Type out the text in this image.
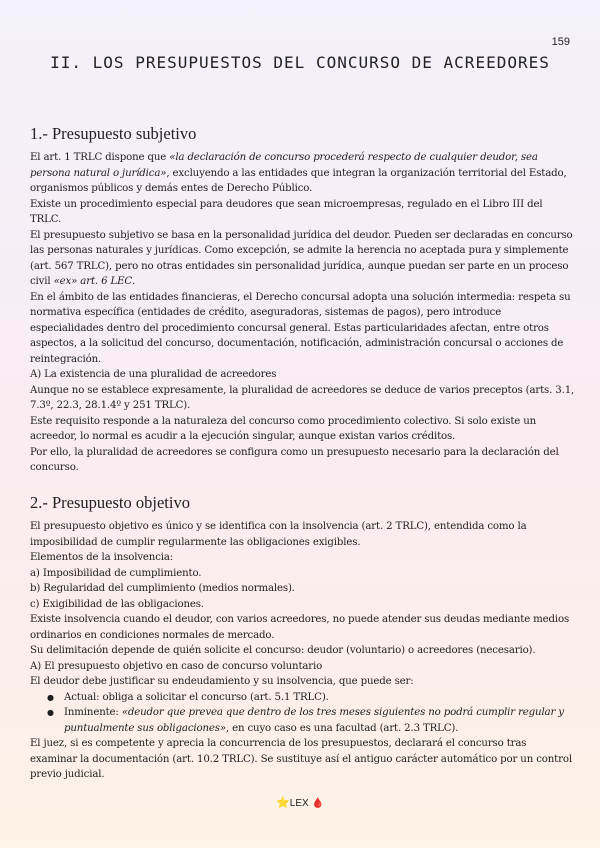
159
II. LOS PRESUPUESTOS DEL CONCURSO DE ACREEDORES
1.- Presupuesto subjetivo

El art. 1 TRLC dispone que «la declaración de concurso procederá respecto de cualquier deudor, sea persona natural o jurídica», excluyendo a las entidades que integran la organización territorial del Estado, organismos públicos y demás entes de Derecho Público.

Existe un procedimiento especial para deudores que sean microempresas, regulado en el Libro III del TRLC.

El presupuesto subjetivo se basa en la personalidad jurídica del deudor. Pueden ser declaradas en concurso las personas naturales y jurídicas. Como excepción, se admite la herencia no aceptada pura y simplemente (art. 567 TRLC), pero no otras entidades sin personalidad jurídica, aunque puedan ser parte en un proceso civil «ex» art. 6 LEC.

En el ámbito de las entidades financieras, el Derecho concursal adopta una solución intermedia: respeta su normativa específica (entidades de crédito, aseguradoras, sistemas de pagos), pero introduce especialidades dentro del procedimiento concursal general. Estas particularidades afectan, entre otros aspectos, a la solicitud del concurso, documentación, notificación, administración concursal o acciones de reintegración.

A) La existencia de una pluralidad de acreedores

Aunque no se establece expresamente, la pluralidad de acreedores se deduce de varios preceptos (arts. 3.1, 7.3º, 22.3, 28.1.4º y 251 TRLC).

Este requisito responde a la naturaleza del concurso como procedimiento colectivo. Si solo existe un acreedor, lo normal es acudir a la ejecución singular, aunque existan varios créditos.

Por ello, la pluralidad de acreedores se configura como un presupuesto necesario para la declaración del concurso.

2.- Presupuesto objetivo

El presupuesto objetivo es único y se identifica con la insolvencia (art. 2 TRLC), entendida como la imposibilidad de cumplir regularmente las obligaciones exigibles.

Elementos de la insolvencia:

a) Imposibilidad de cumplimiento.

b) Regularidad del cumplimiento (medios normales).

c) Exigibilidad de las obligaciones.

Existe insolvencia cuando el deudor, con varios acreedores, no puede atender sus deudas mediante medios ordinarios en condiciones normales de mercado.

Su delimitación depende de quién solicite el concurso: deudor (voluntario) o acreedores (necesario).

A) El presupuesto objetivo en caso de concurso voluntario

El deudor debe justificar su endeudamiento y su insolvencia, que puede ser:

● Actual: obliga a solicitar el concurso (art. 5.1 TRLC).
● Inminente: «deudor que prevea que dentro de los tres meses siguientes no podrá cumplir regular y puntualmente sus obligaciones», en cuyo caso es una facultad (art. 2.3 TRLC).

El juez, si es competente y aprecia la concurrencia de los presupuestos, declarará el concurso tras examinar la documentación (art. 10.2 TRLC). Se sustituye así el antiguo carácter automático por un control previo judicial.

⭐LEX 🩸
